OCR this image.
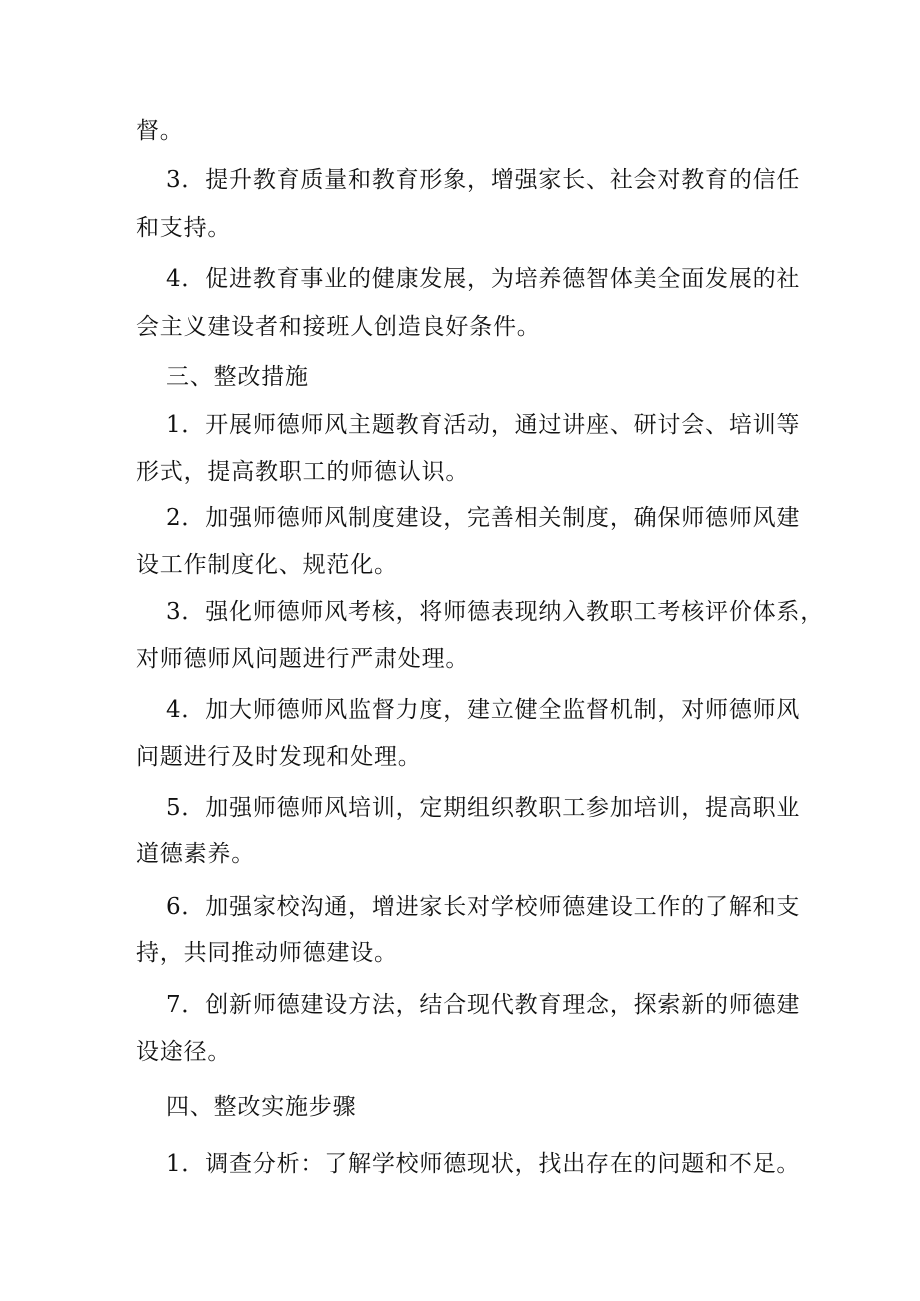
督。
3．提升教育质量和教育形象，增强家长、社会对教育的信任
和支持。
4．促进教育事业的健康发展，为培养德智体美全面发展的社
会主义建设者和接班人创造良好条件。
三、整改措施
1．开展师德师风主题教育活动，通过讲座、研讨会、培训等
形式，提高教职工的师德认识。
2．加强师德师风制度建设，完善相关制度，确保师德师风建
设工作制度化、规范化。
3．强化师德师风考核，将师德表现纳入教职工考核评价体系，
对师德师风问题进行严肃处理。
4．加大师德师风监督力度，建立健全监督机制，对师德师风
问题进行及时发现和处理。
5．加强师德师风培训，定期组织教职工参加培训，提高职业
道德素养。
6．加强家校沟通，增进家长对学校师德建设工作的了解和支
持，共同推动师德建设。
7．创新师德建设方法，结合现代教育理念，探索新的师德建
设途径。
四、整改实施步骤
1．调查分析：了解学校师德现状，找出存在的问题和不足。
